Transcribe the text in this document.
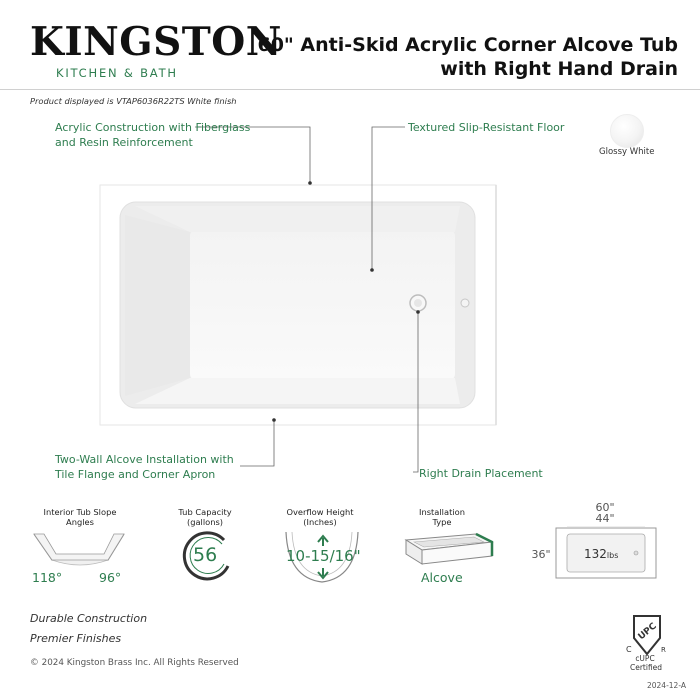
KINGSTON
KITCHEN & BATH
60" Anti-Skid Acrylic Corner Alcove Tub
with Right Hand Drain
Product displayed is VTAP6036R22TS White finish
Acrylic Construction with Fiberglass
and Resin Reinforcement
Textured Slip-Resistant Floor
Two-Wall Alcove Installation with
Tile Flange and Corner Apron	Right Drain Placement
Glossy White
Interior Tub Slope
Angles
118°	96°
Tub Capacity
(gallons)
56
Overflow Height
(Inches)
10-15/16"
Installation
Type
Alcove
60"
44"
36"	132lbs
Durable Construction
Premier Finishes
© 2024 Kingston Brass Inc. All Rights Reserved
UPC
C	R
cUPC
Certified
2024-12-A
